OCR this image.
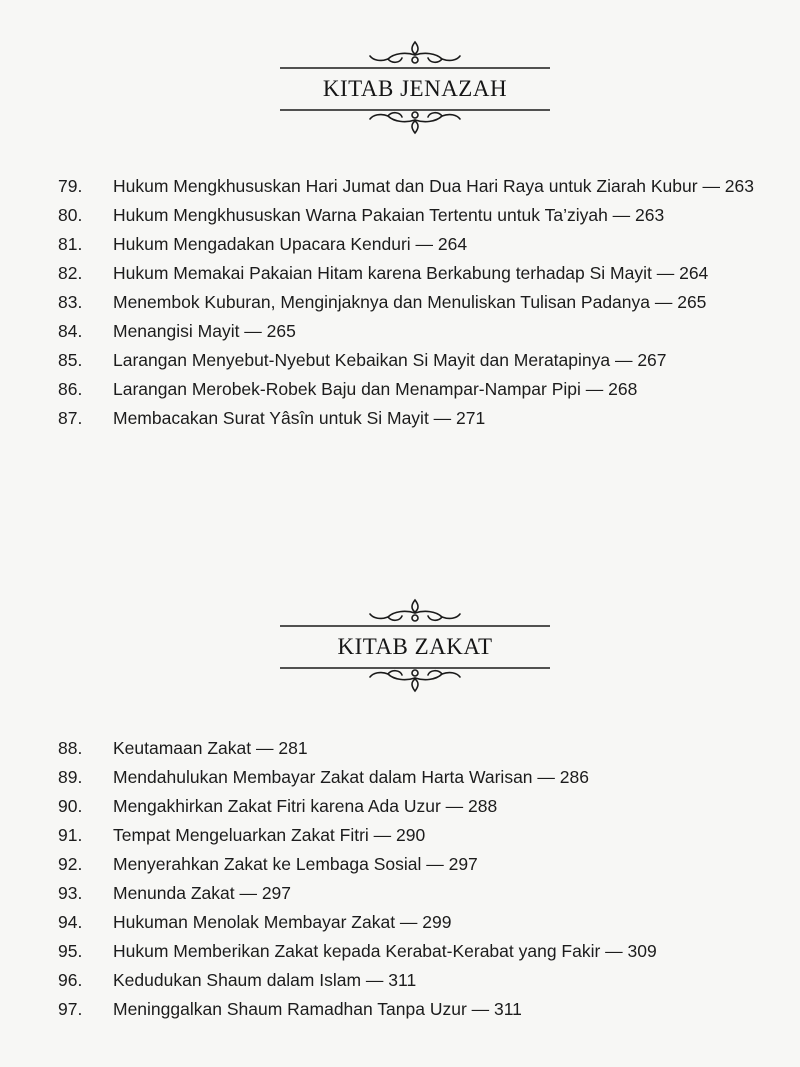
KITAB JENAZAH
79.	Hukum Mengkhususkan Hari Jumat dan Dua Hari Raya untuk Ziarah Kubur — 263
80.	Hukum Mengkhususkan Warna Pakaian Tertentu untuk Ta’ziyah — 263
81.	Hukum Mengadakan Upacara Kenduri — 264
82.	Hukum Memakai Pakaian Hitam karena Berkabung terhadap Si Mayit — 264
83.	Menembok Kuburan, Menginjaknya dan Menuliskan Tulisan Padanya — 265
84.	Menangisi Mayit — 265
85.	Larangan Menyebut-Nyebut Kebaikan Si Mayit dan Meratapinya — 267
86.	Larangan Merobek-Robek Baju dan Menampar-Nampar Pipi — 268
87.	Membacakan Surat Yâsîn untuk Si Mayit — 271
KITAB ZAKAT
88.	Keutamaan Zakat — 281
89.	Mendahulukan Membayar Zakat dalam Harta Warisan — 286
90.	Mengakhirkan Zakat Fitri karena Ada Uzur — 288
91.	Tempat Mengeluarkan Zakat Fitri — 290
92.	Menyerahkan Zakat ke Lembaga Sosial — 297
93.	Menunda Zakat — 297
94.	Hukuman Menolak Membayar Zakat — 299
95.	Hukum Memberikan Zakat kepada Kerabat-Kerabat yang Fakir — 309
96.	Kedudukan Shaum dalam Islam — 311
97.	Meninggalkan Shaum Ramadhan Tanpa Uzur — 311
